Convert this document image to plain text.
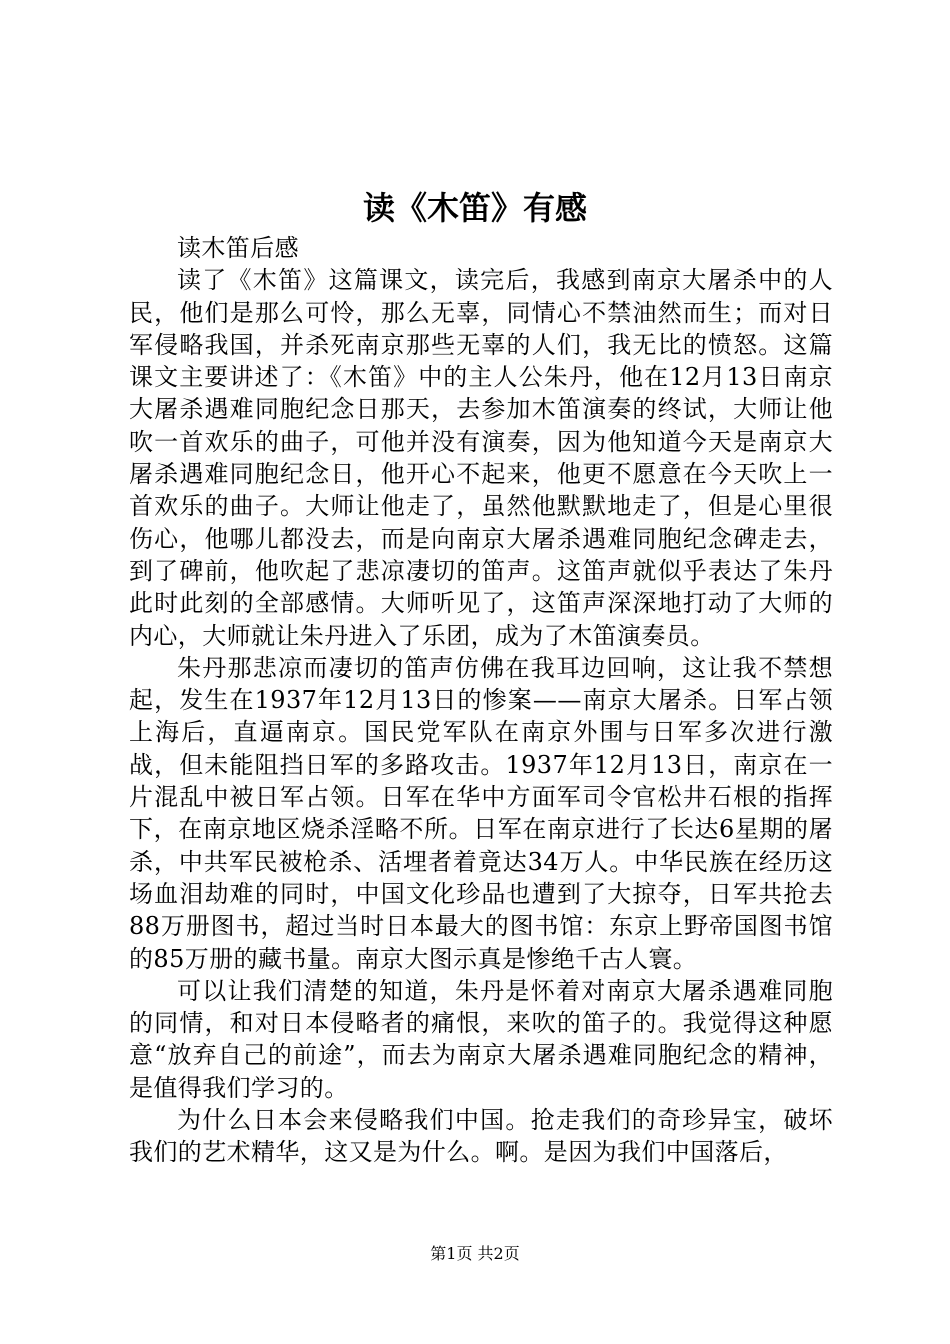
读《木笛》有感

读木笛后感

读了《木笛》这篇课文，读完后，我感到南京大屠杀中的人民，他们是那么可怜，那么无辜，同情心不禁油然而生；而对日军侵略我国，并杀死南京那些无辜的人们，我无比的愤怒。这篇课文主要讲述了：《木笛》中的主人公朱丹，他在12月13日南京大屠杀遇难同胞纪念日那天，去参加木笛演奏的终试，大师让他吹一首欢乐的曲子，可他并没有演奏，因为他知道今天是南京大屠杀遇难同胞纪念日，他开心不起来，他更不愿意在今天吹上一首欢乐的曲子。大师让他走了，虽然他默默地走了，但是心里很伤心，他哪儿都没去，而是向南京大屠杀遇难同胞纪念碑走去，到了碑前，他吹起了悲凉凄切的笛声。这笛声就似乎表达了朱丹此时此刻的全部感情。大师听见了，这笛声深深地打动了大师的内心，大师就让朱丹进入了乐团，成为了木笛演奏员。

朱丹那悲凉而凄切的笛声仿佛在我耳边回响，这让我不禁想起，发生在1937年12月13日的惨案——南京大屠杀。日军占领上海后，直逼南京。国民党军队在南京外围与日军多次进行激战，但未能阻挡日军的多路攻击。1937年12月13日，南京在一片混乱中被日军占领。日军在华中方面军司令官松井石根的指挥下，在南京地区烧杀淫略不所。日军在南京进行了长达6星期的屠杀，中共军民被枪杀、活埋者着竟达34万人。中华民族在经历这场血泪劫难的同时，中国文化珍品也遭到了大掠夺，日军共抢去88万册图书，超过当时日本最大的图书馆：东京上野帝国图书馆的85万册的藏书量。南京大图示真是惨绝千古人寰。

可以让我们清楚的知道，朱丹是怀着对南京大屠杀遇难同胞的同情，和对日本侵略者的痛恨，来吹的笛子的。我觉得这种愿意“放弃自己的前途”，而去为南京大屠杀遇难同胞纪念的精神，是值得我们学习的。

为什么日本会来侵略我们中国。抢走我们的奇珍异宝，破坏我们的艺术精华，这又是为什么。啊。是因为我们中国落后，

第1页 共2页
